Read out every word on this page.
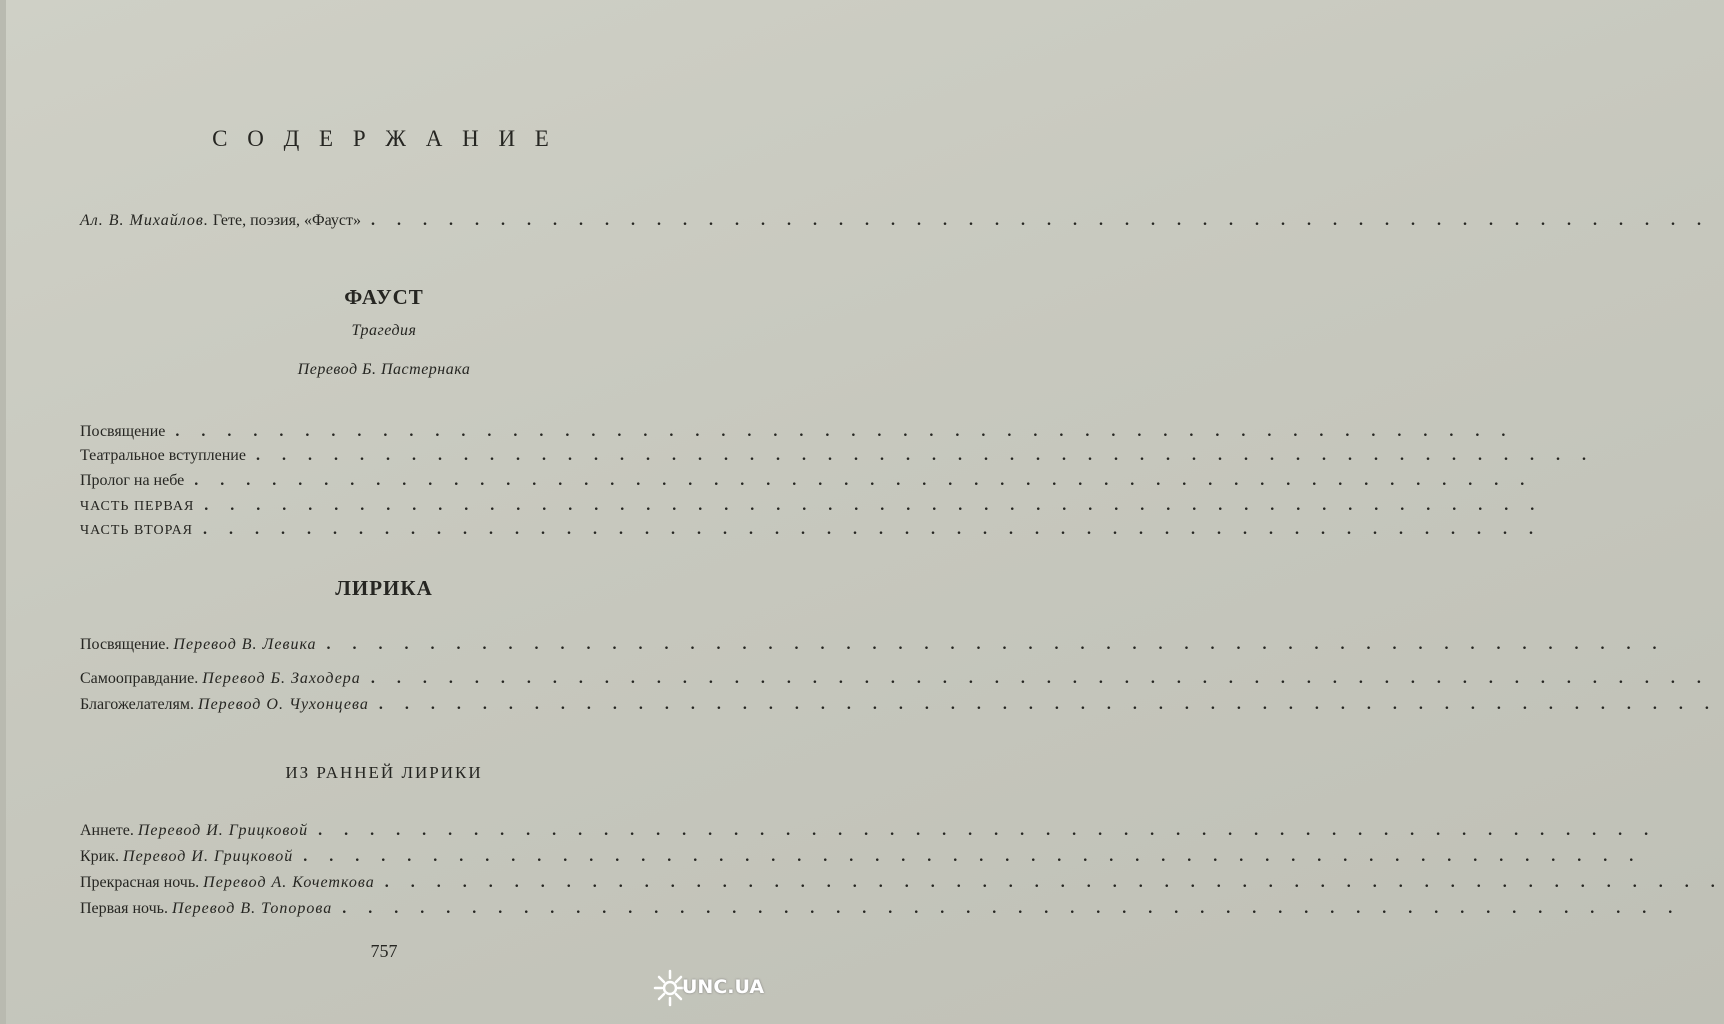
С О Д Е Р Ж А Н И Е
Ал. В. Михайлов. Гете, поэзия, «Фауст» . . . . . . . . . . . . . . . . . . . . . . . . . . . . . . . . . . . . . . . . . . . . . . . . . . . .
ФАУСТ
Трагедия
Перевод Б. Пастернака
Посвящение . . . . . . . . . . . . . . . . . . . . . . . . . . . . . . . . . . . . . . . . . . . . . . . . . . . .
Театральное вступление . . . . . . . . . . . . . . . . . . . . . . . . . . . . . . . . . . . . . . . . . . . . . . . . . . . .
Пролог на небе . . . . . . . . . . . . . . . . . . . . . . . . . . . . . . . . . . . . . . . . . . . . . . . . . . . .
ЧАСТЬ ПЕРВАЯ . . . . . . . . . . . . . . . . . . . . . . . . . . . . . . . . . . . . . . . . . . . . . . . . . . . .
ЧАСТЬ ВТОРАЯ . . . . . . . . . . . . . . . . . . . . . . . . . . . . . . . . . . . . . . . . . . . . . . . . . . . .
ЛИРИКА
Посвящение. Перевод В. Левика . . . . . . . . . . . . . . . . . . . . . . . . . . . . . . . . . . . . . . . . . . . . . . . . . . . .
Самооправдание. Перевод Б. Заходера . . . . . . . . . . . . . . . . . . . . . . . . . . . . . . . . . . . . . . . . . . . . . . . . . . . .
Благожелателям. Перевод О. Чухонцева . . . . . . . . . . . . . . . . . . . . . . . . . . . . . . . . . . . . . . . . . . . . . . . . . . . .
ИЗ РАННЕЙ ЛИРИКИ
Аннете. Перевод И. Грицковой . . . . . . . . . . . . . . . . . . . . . . . . . . . . . . . . . . . . . . . . . . . . . . . . . . . .
Крик. Перевод И. Грицковой . . . . . . . . . . . . . . . . . . . . . . . . . . . . . . . . . . . . . . . . . . . . . . . . . . . .
Прекрасная ночь. Перевод А. Кочеткова . . . . . . . . . . . . . . . . . . . . . . . . . . . . . . . . . . . . . . . . . . . . . . . . . . . .
Первая ночь. Перевод В. Топорова . . . . . . . . . . . . . . . . . . . . . . . . . . . . . . . . . . . . . . . . . . . . . . . . . . . .
757
UNC.UA
